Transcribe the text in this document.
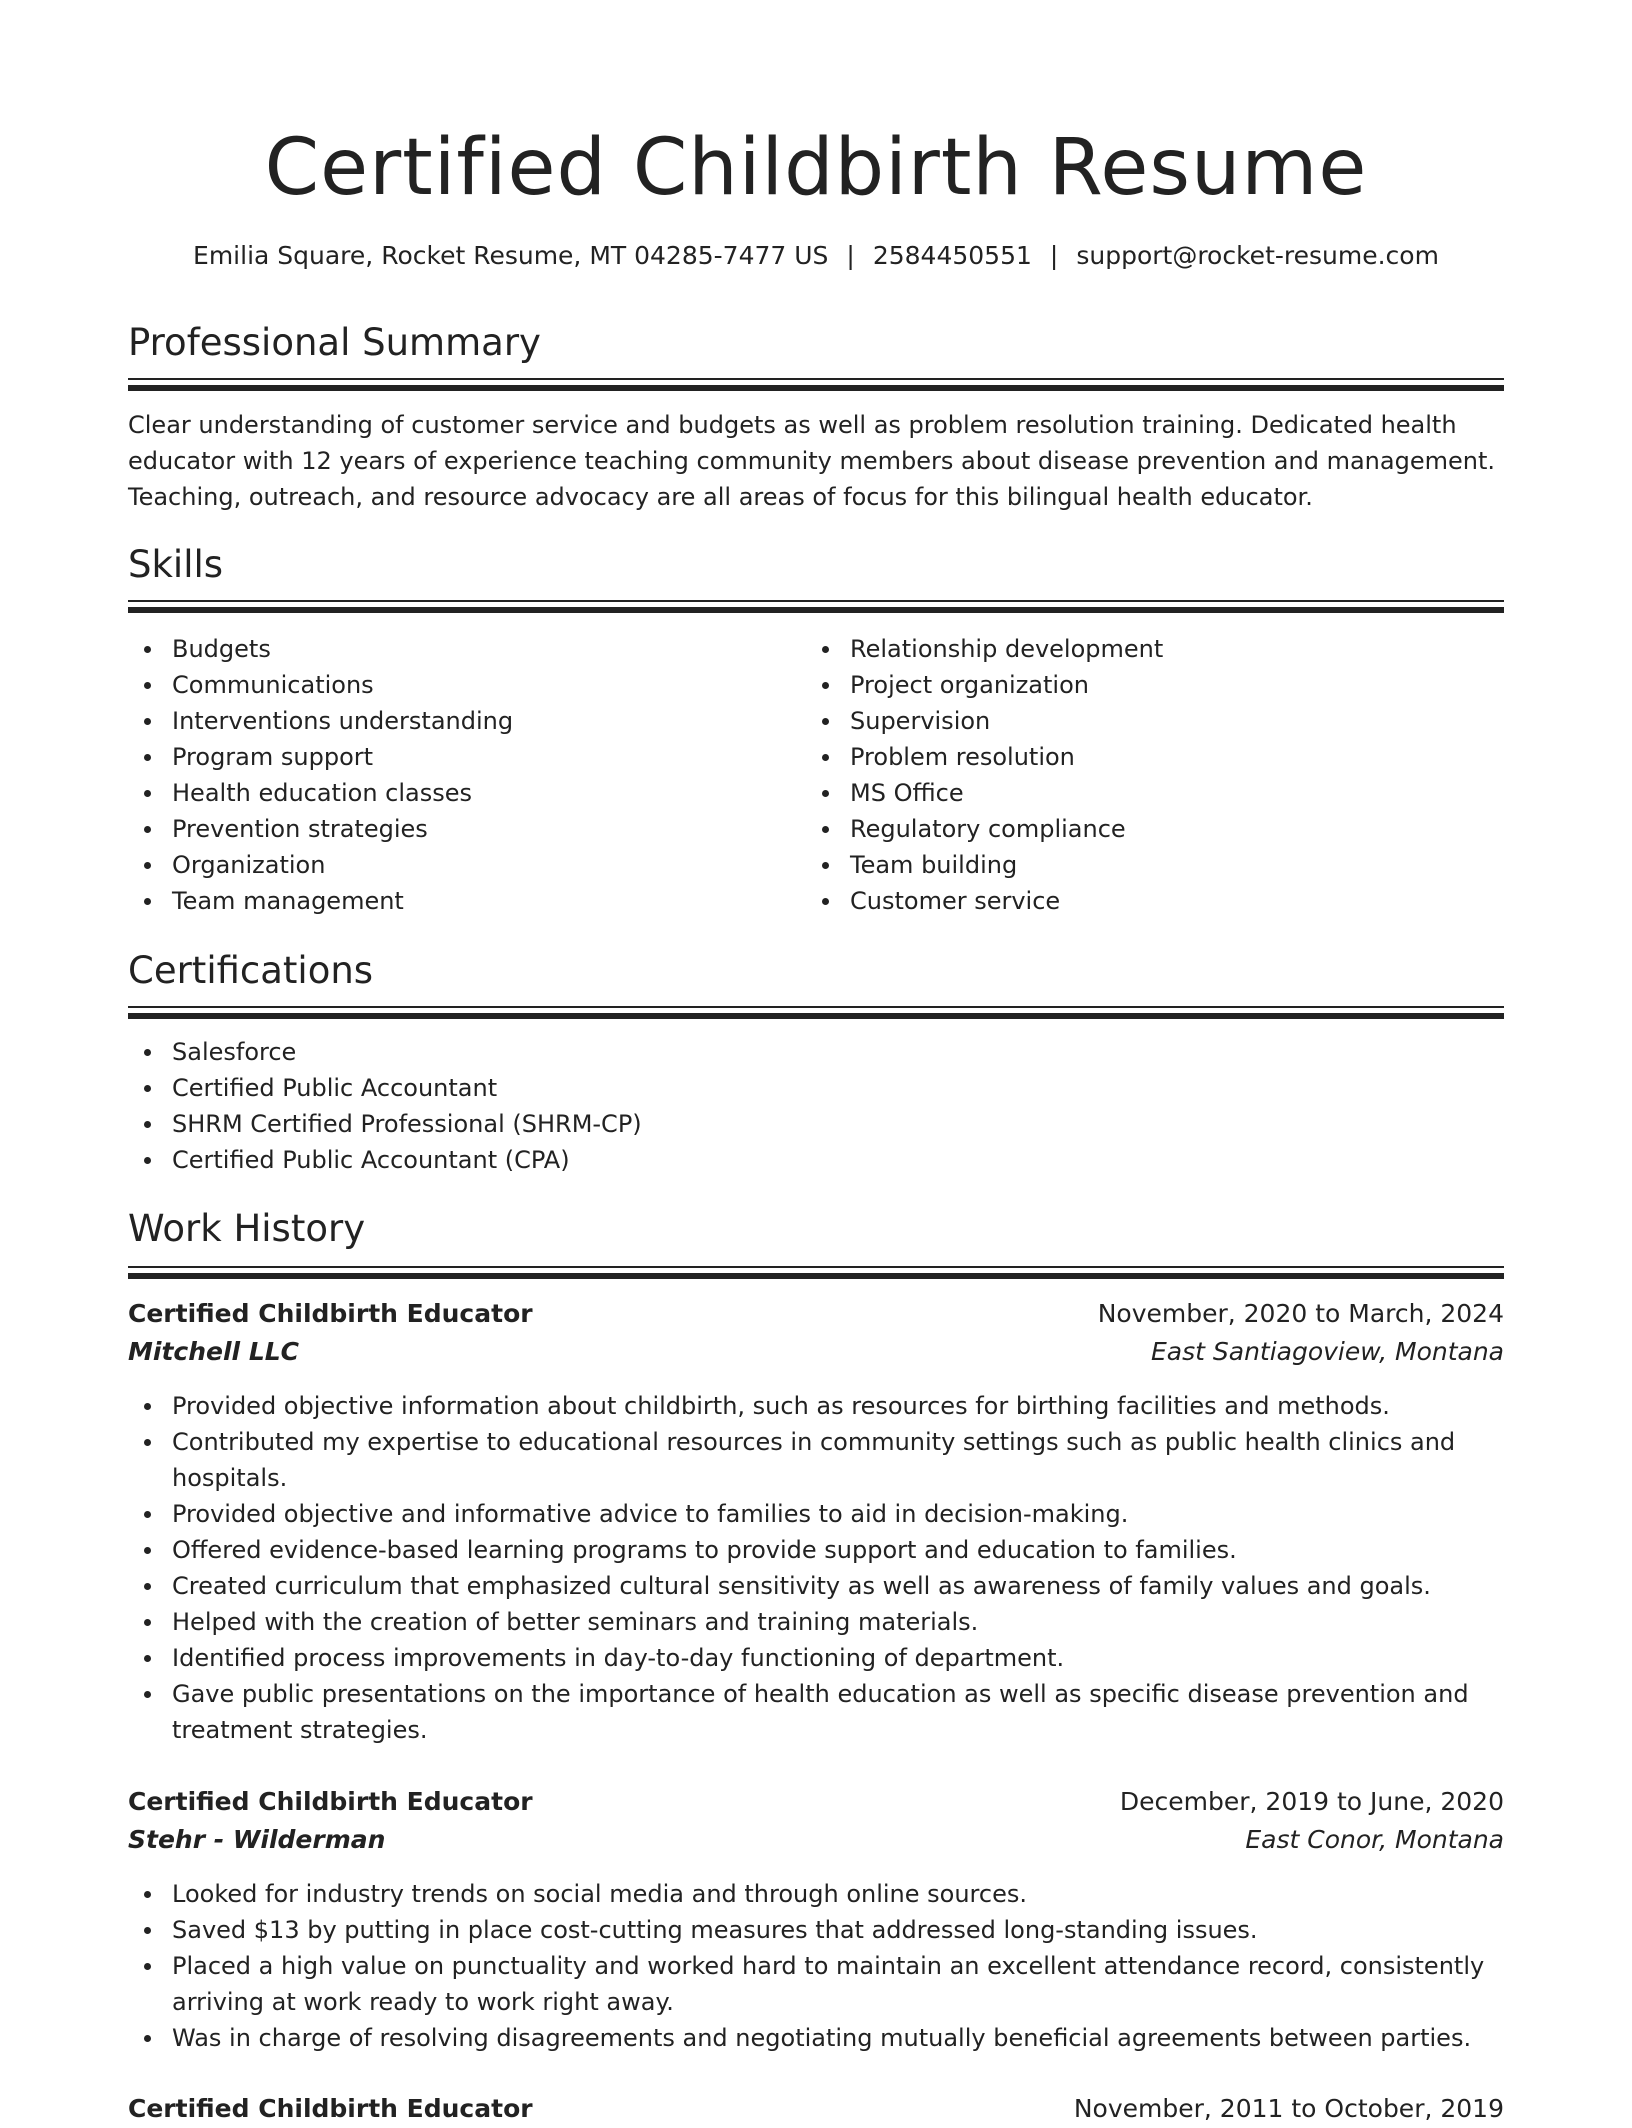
Certified Childbirth Resume
Emilia Square, Rocket Resume, MT 04285-7477 US | 2584450551 | support@rocket-resume.com
Professional Summary

Clear understanding of customer service and budgets as well as problem resolution training. Dedicated health educator with 12 years of experience teaching community members about disease prevention and management. Teaching, outreach, and resource advocacy are all areas of focus for this bilingual health educator.

Skills
Budgets
Communications
Interventions understanding
Program support
Health education classes
Prevention strategies
Organization
Team management
Relationship development
Project organization
Supervision
Problem resolution
MS Office
Regulatory compliance
Team building
Customer service
Certifications
Salesforce
Certified Public Accountant
SHRM Certified Professional (SHRM-CP)
Certified Public Accountant (CPA)
Work History
Certified Childbirth Educator	November, 2020 to March, 2024
Mitchell LLC	East Santiagoview, Montana
Provided objective information about childbirth, such as resources for birthing facilities and methods.
Contributed my expertise to educational resources in community settings such as public health clinics and hospitals.
Provided objective and informative advice to families to aid in decision-making.
Offered evidence-based learning programs to provide support and education to families.
Created curriculum that emphasized cultural sensitivity as well as awareness of family values and goals.
Helped with the creation of better seminars and training materials.
Identified process improvements in day-to-day functioning of department.
Gave public presentations on the importance of health education as well as specific disease prevention and treatment strategies.
Certified Childbirth Educator	December, 2019 to June, 2020
Stehr - Wilderman	East Conor, Montana
Looked for industry trends on social media and through online sources.
Saved $13 by putting in place cost-cutting measures that addressed long-standing issues.
Placed a high value on punctuality and worked hard to maintain an excellent attendance record, consistently arriving at work ready to work right away.
Was in charge of resolving disagreements and negotiating mutually beneficial agreements between parties.
Certified Childbirth Educator	November, 2011 to October, 2019
